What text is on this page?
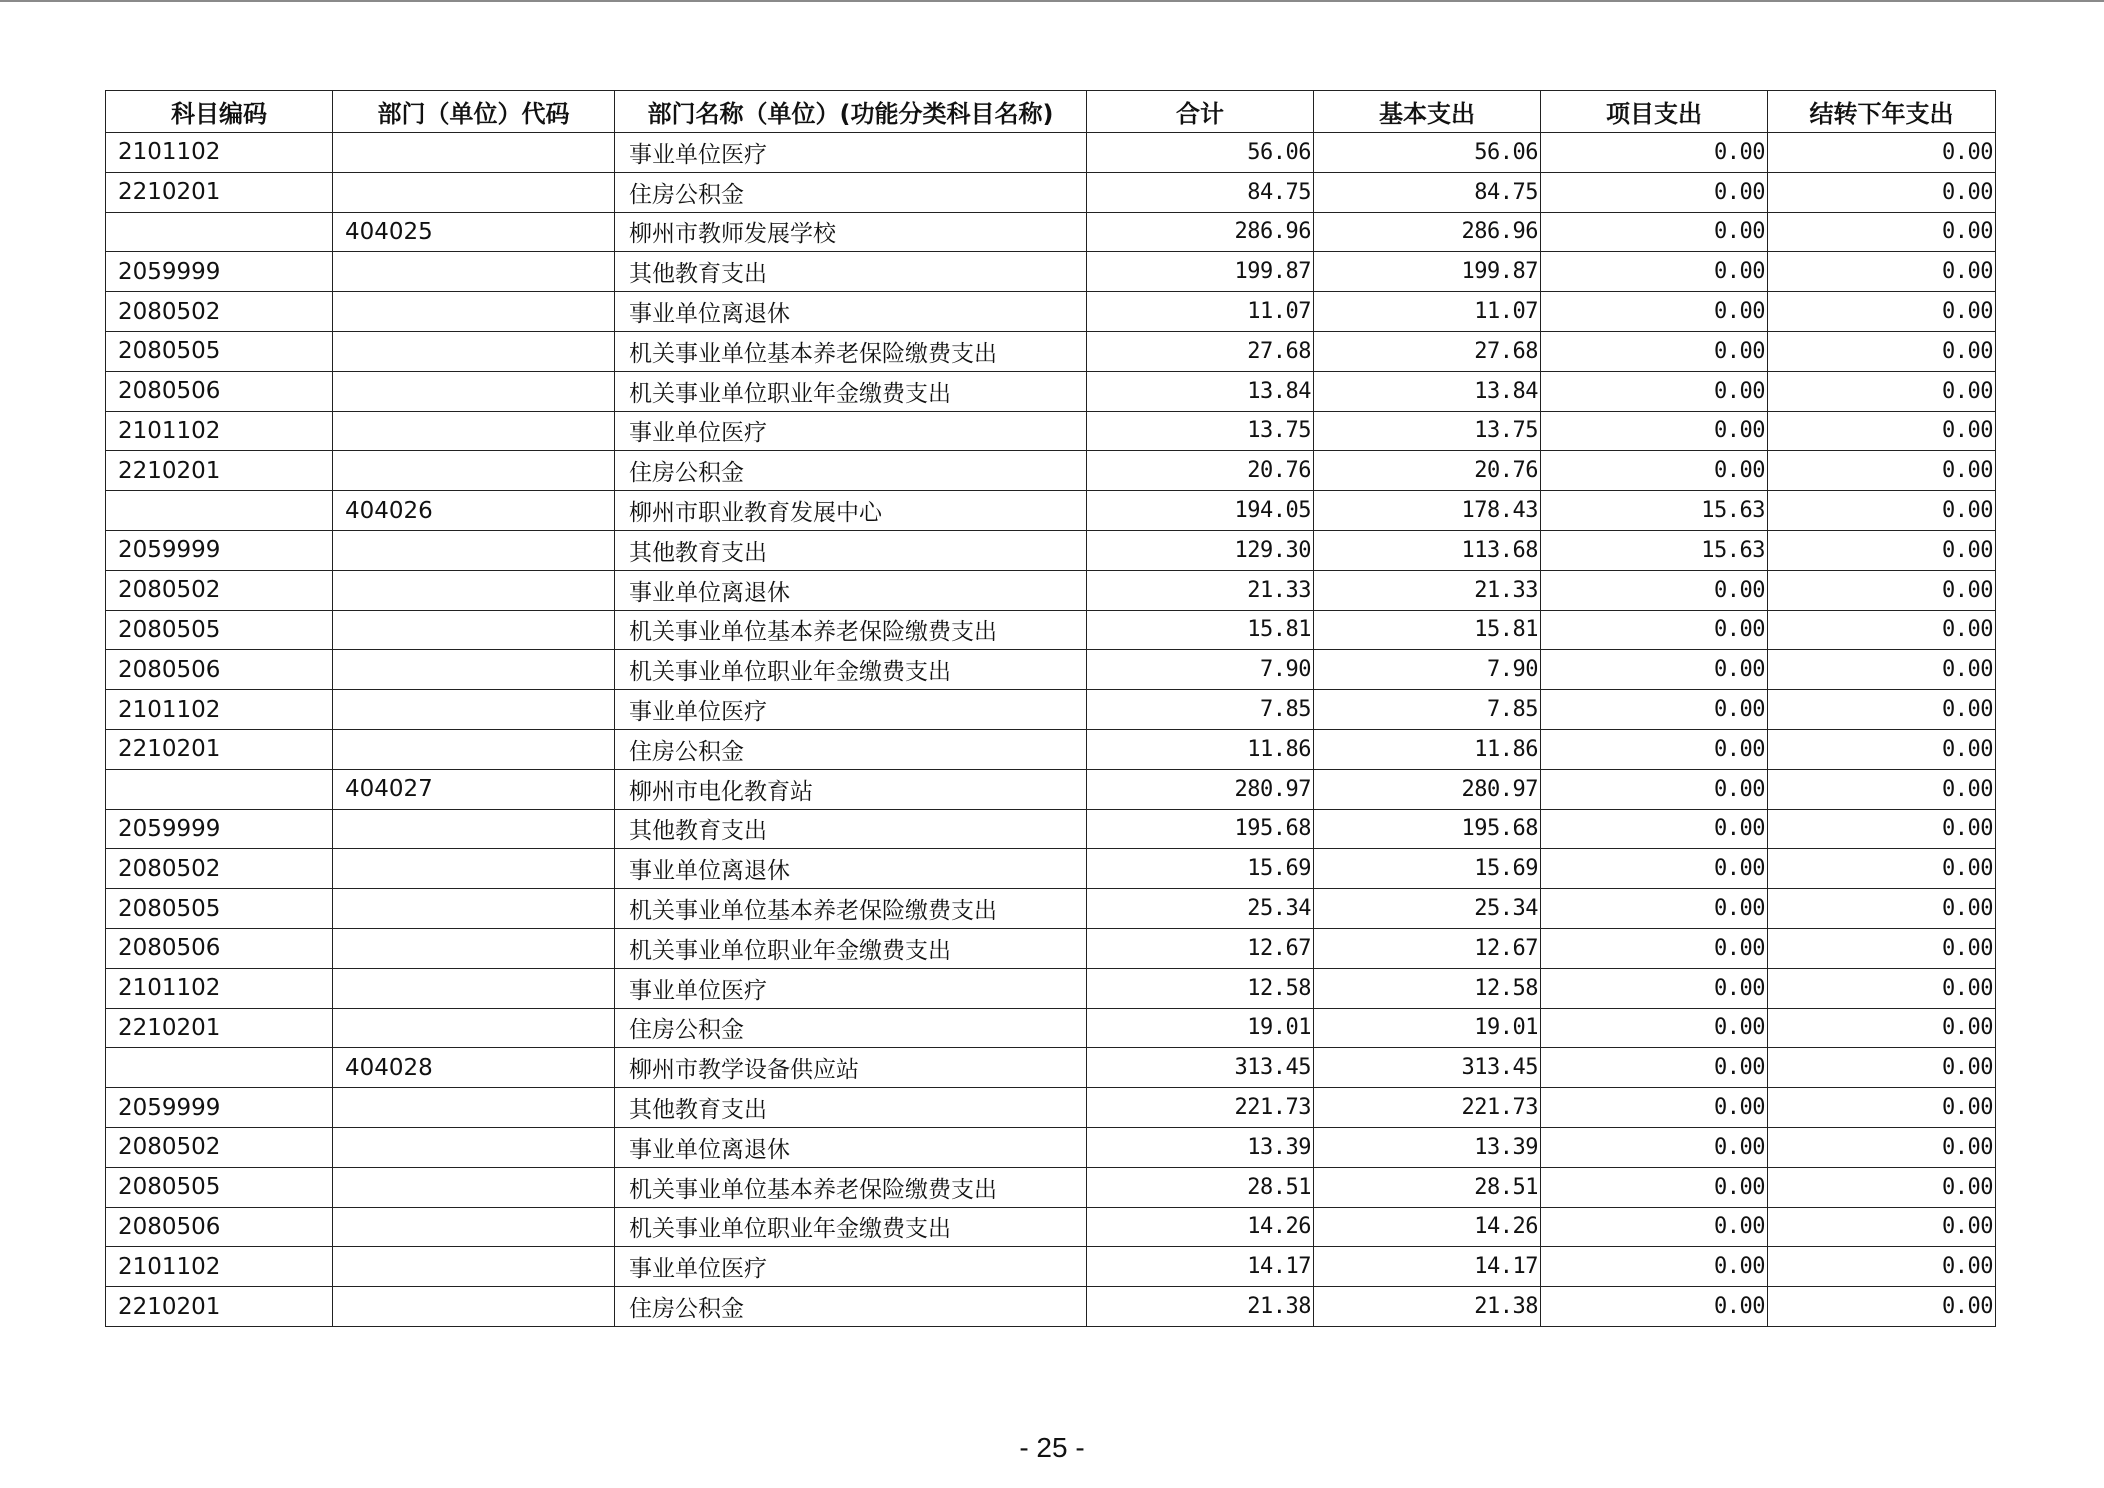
科目编码	部门（单位）代码	部门名称（单位）(功能分类科目名称)	合计	基本支出	项目支出	结转下年支出
2101102		事业单位医疗	56.06	56.06	0.00	0.00
2210201		住房公积金	84.75	84.75	0.00	0.00
	404025	柳州市教师发展学校	286.96	286.96	0.00	0.00
2059999		其他教育支出	199.87	199.87	0.00	0.00
2080502		事业单位离退休	11.07	11.07	0.00	0.00
2080505		机关事业单位基本养老保险缴费支出	27.68	27.68	0.00	0.00
2080506		机关事业单位职业年金缴费支出	13.84	13.84	0.00	0.00
2101102		事业单位医疗	13.75	13.75	0.00	0.00
2210201		住房公积金	20.76	20.76	0.00	0.00
	404026	柳州市职业教育发展中心	194.05	178.43	15.63	0.00
2059999		其他教育支出	129.30	113.68	15.63	0.00
2080502		事业单位离退休	21.33	21.33	0.00	0.00
2080505		机关事业单位基本养老保险缴费支出	15.81	15.81	0.00	0.00
2080506		机关事业单位职业年金缴费支出	7.90	7.90	0.00	0.00
2101102		事业单位医疗	7.85	7.85	0.00	0.00
2210201		住房公积金	11.86	11.86	0.00	0.00
	404027	柳州市电化教育站	280.97	280.97	0.00	0.00
2059999		其他教育支出	195.68	195.68	0.00	0.00
2080502		事业单位离退休	15.69	15.69	0.00	0.00
2080505		机关事业单位基本养老保险缴费支出	25.34	25.34	0.00	0.00
2080506		机关事业单位职业年金缴费支出	12.67	12.67	0.00	0.00
2101102		事业单位医疗	12.58	12.58	0.00	0.00
2210201		住房公积金	19.01	19.01	0.00	0.00
	404028	柳州市教学设备供应站	313.45	313.45	0.00	0.00
2059999		其他教育支出	221.73	221.73	0.00	0.00
2080502		事业单位离退休	13.39	13.39	0.00	0.00
2080505		机关事业单位基本养老保险缴费支出	28.51	28.51	0.00	0.00
2080506		机关事业单位职业年金缴费支出	14.26	14.26	0.00	0.00
2101102		事业单位医疗	14.17	14.17	0.00	0.00
2210201		住房公积金	21.38	21.38	0.00	0.00
- 25 -
